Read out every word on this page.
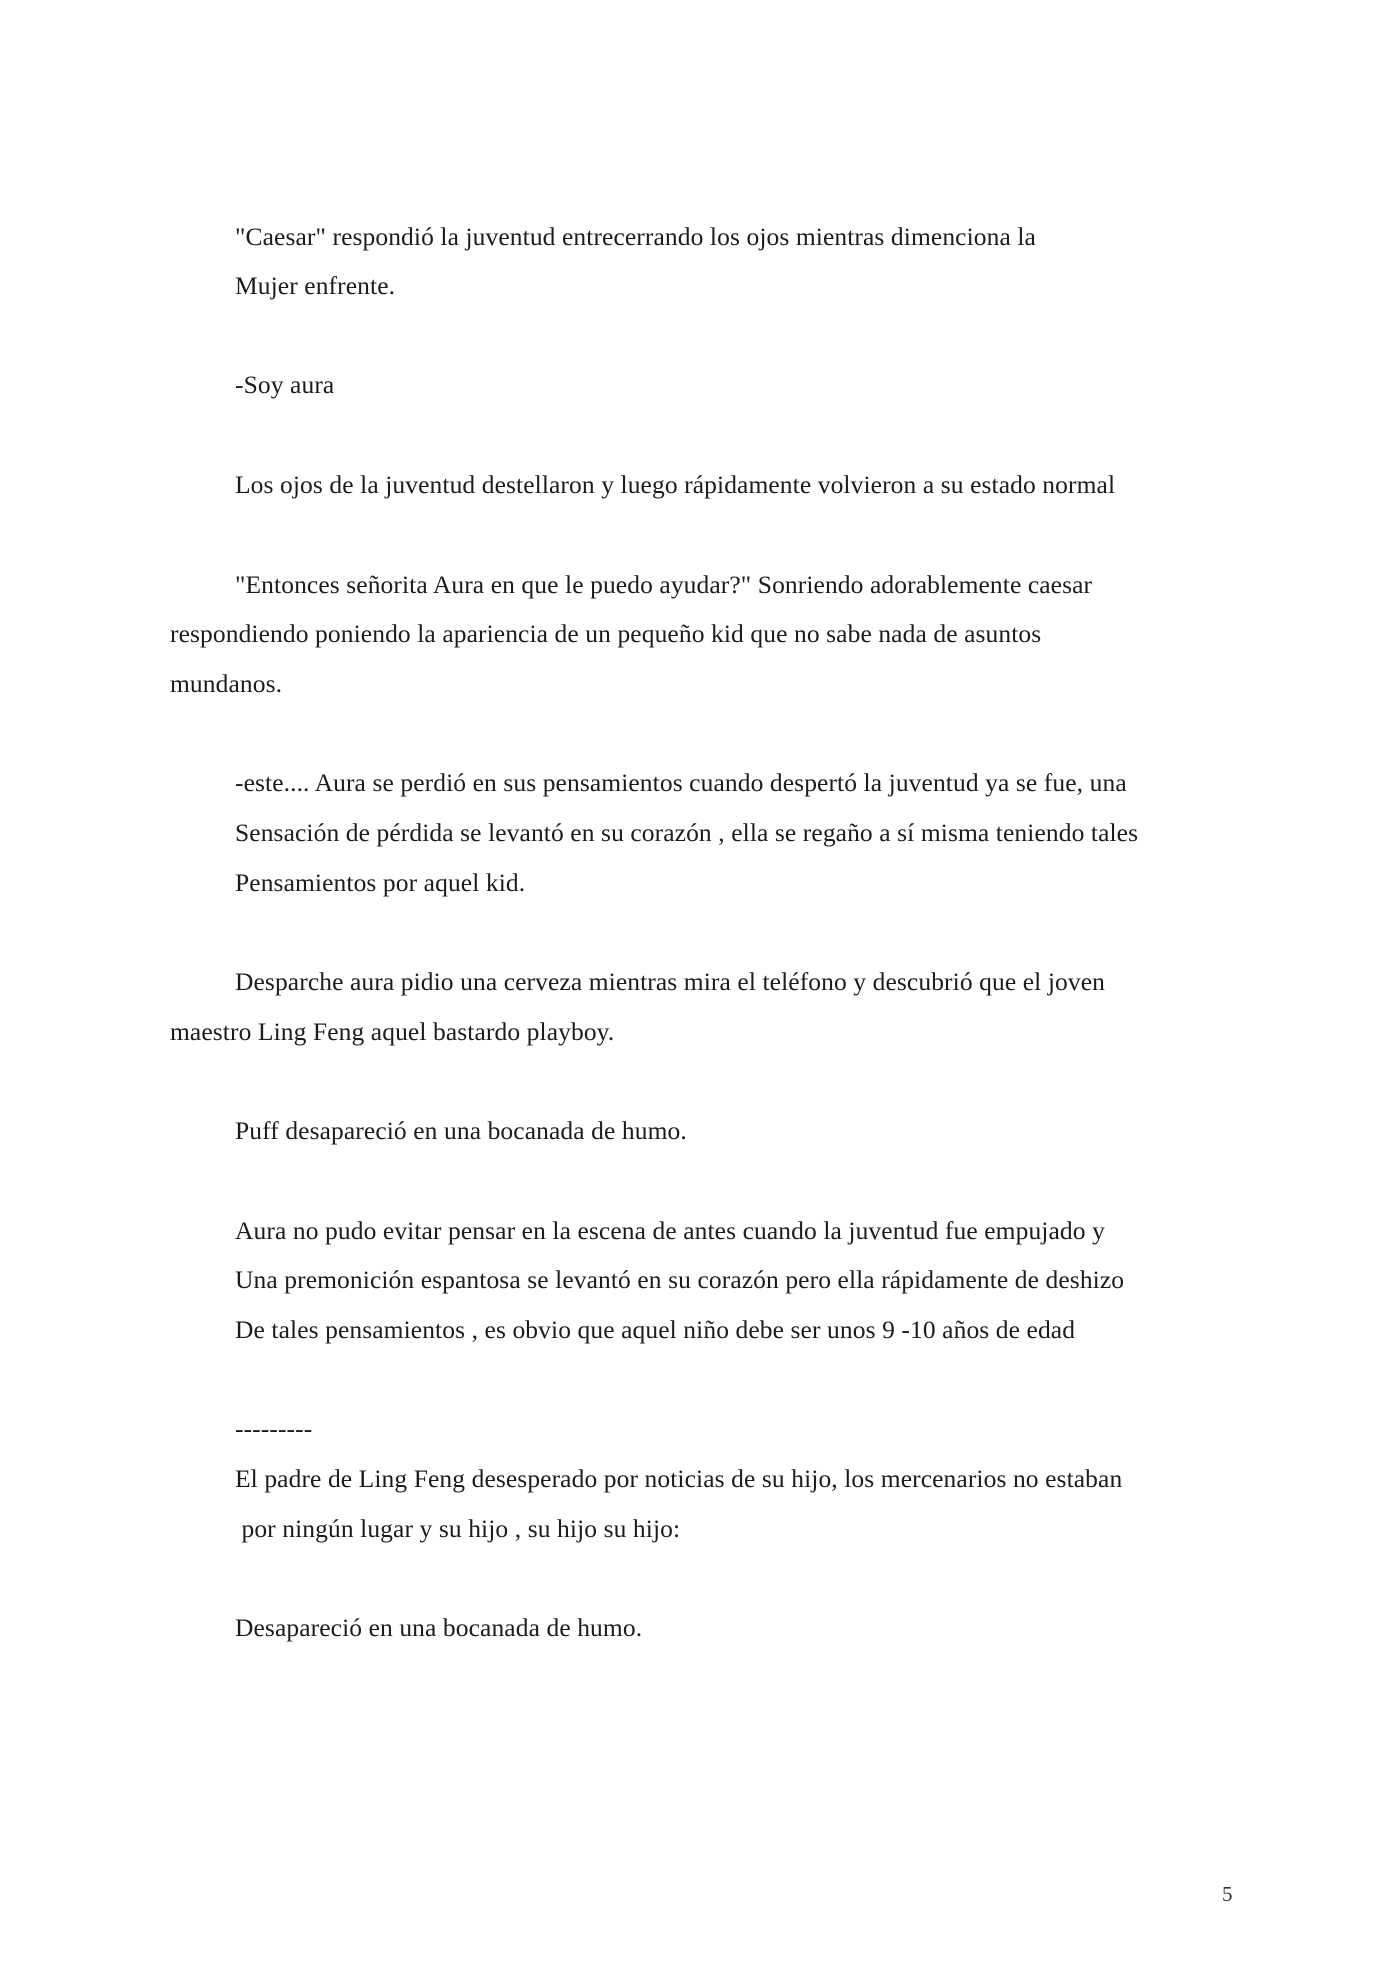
"Caesar" respondió la juventud entrecerrando los ojos mientras dimenciona la
Mujer enfrente.
-Soy aura
Los ojos de la juventud destellaron y luego rápidamente volvieron a su estado normal
"Entonces señorita Aura en que le puedo ayudar?" Sonriendo adorablemente caesar
respondiendo poniendo la apariencia de un pequeño kid que no sabe nada de asuntos
mundanos.
-este.... Aura se perdió en sus pensamientos cuando despertó la juventud ya se fue, una
Sensación de pérdida se levantó en su corazón , ella se regaño a sí misma teniendo tales
Pensamientos por aquel kid.
Desparche aura pidio una cerveza mientras mira el teléfono y descubrió que el joven
maestro Ling Feng aquel bastardo playboy.
Puff desapareció en una bocanada de humo.
Aura no pudo evitar pensar en la escena de antes cuando la juventud fue empujado y
Una premonición espantosa se levantó en su corazón pero ella rápidamente de deshizo
De tales pensamientos , es obvio que aquel niño debe ser unos 9 -10 años de edad
---------
El padre de Ling Feng desesperado por noticias de su hijo, los mercenarios no estaban
por ningún lugar y su hijo , su hijo su hijo:
Desapareció en una bocanada de humo.
5
